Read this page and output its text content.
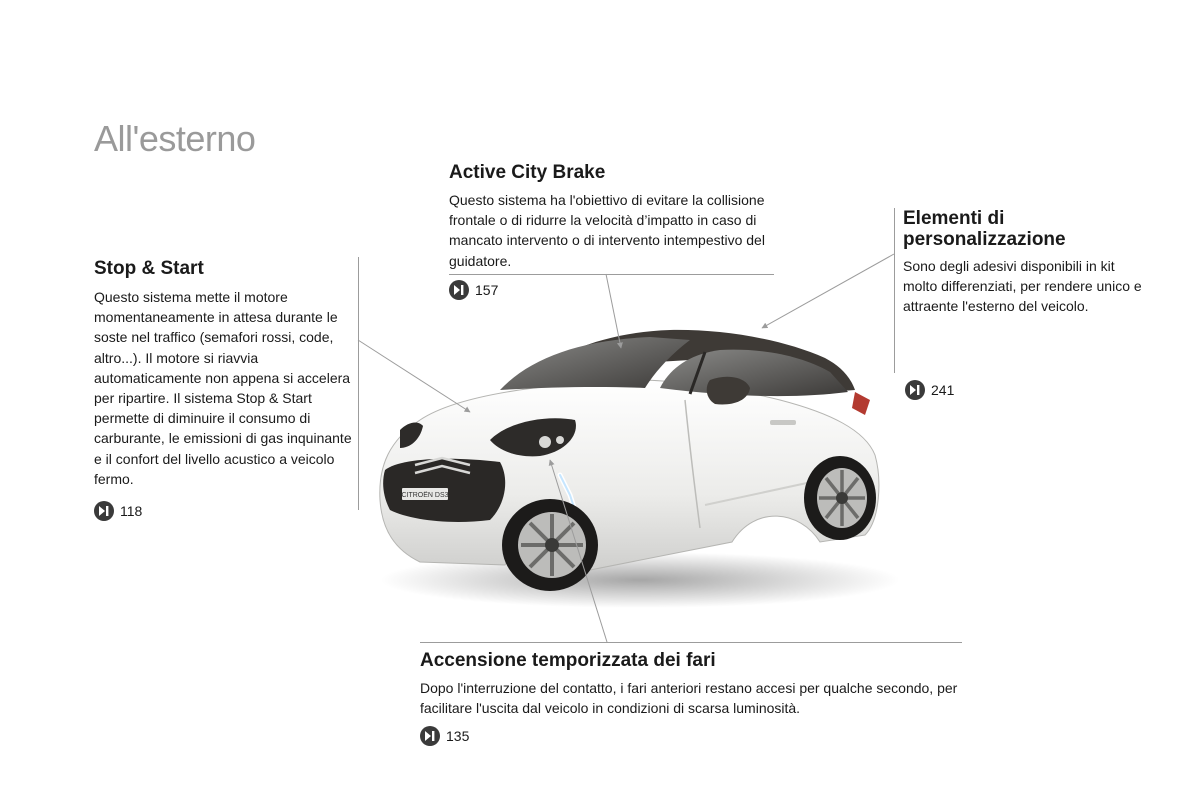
All'esterno
Stop & Start

Questo sistema mette il motore momentaneamente in attesa durante le soste nel traffico (semafori rossi, code, altro...). Il motore si riavvia automaticamente non appena si accelera per ripartire. Il sistema Stop & Start permette di diminuire il consumo di carburante, le emissioni di gas inquinante e il confort del livello acustico a veicolo fermo.

118
Active City Brake

Questo sistema ha l'obiettivo di evitare la collisione frontale o di ridurre la velocità d’impatto in caso di mancato intervento o di intervento intempestivo del guidatore.

157
Elementi di personalizzazione

Sono degli adesivi disponibili in kit molto differenziati, per rendere unico e attraente l'esterno del veicolo.

241
Accensione temporizzata dei fari

Dopo l'interruzione del contatto, i fari anteriori restano accesi per qualche secondo, per facilitare l'uscita dal veicolo in condizioni di scarsa luminosità.

135
CITROËN DS3
